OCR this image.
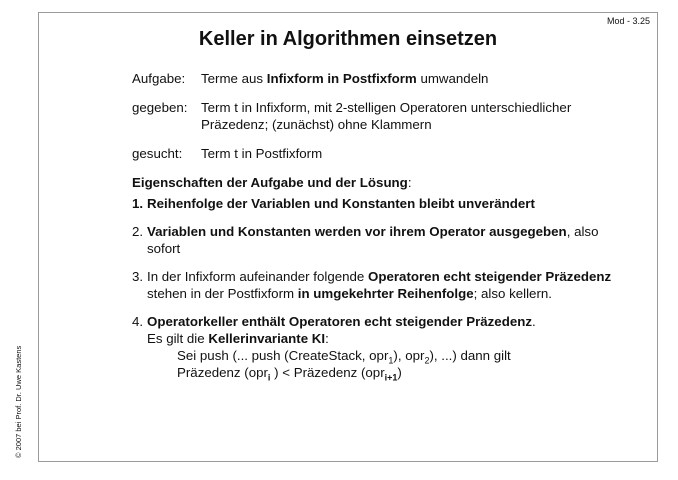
Mod - 3.25
© 2007 bei Prof. Dr. Uwe Kastens
Keller in Algorithmen einsetzen
Aufgabe:	Terme aus Infixform in Postfixform umwandeln
gegeben:	Term t in Infixform, mit 2-stelligen Operatoren unterschiedlicher Präzedenz; (zunächst) ohne Klammern
gesucht:	Term t in Postfixform
Eigenschaften der Aufgabe und der Lösung:
1. Reihenfolge der Variablen und Konstanten bleibt unverändert
2. Variablen und Konstanten werden vor ihrem Operator ausgegeben, also sofort
3. In der Infixform aufeinander folgende Operatoren echt steigender Präzedenz stehen in der Postfixform in umgekehrter Reihenfolge; also kellern.
4. Operatorkeller enthält Operatoren echt steigender Präzedenz.
Es gilt die Kellerinvariante KI:
Sei push (... push (CreateStack, opr$_1$), opr$_2$), ...) dann gilt
Präzedenz (opr$_i$ ) < Präzedenz (opr$_{i+1}$)
